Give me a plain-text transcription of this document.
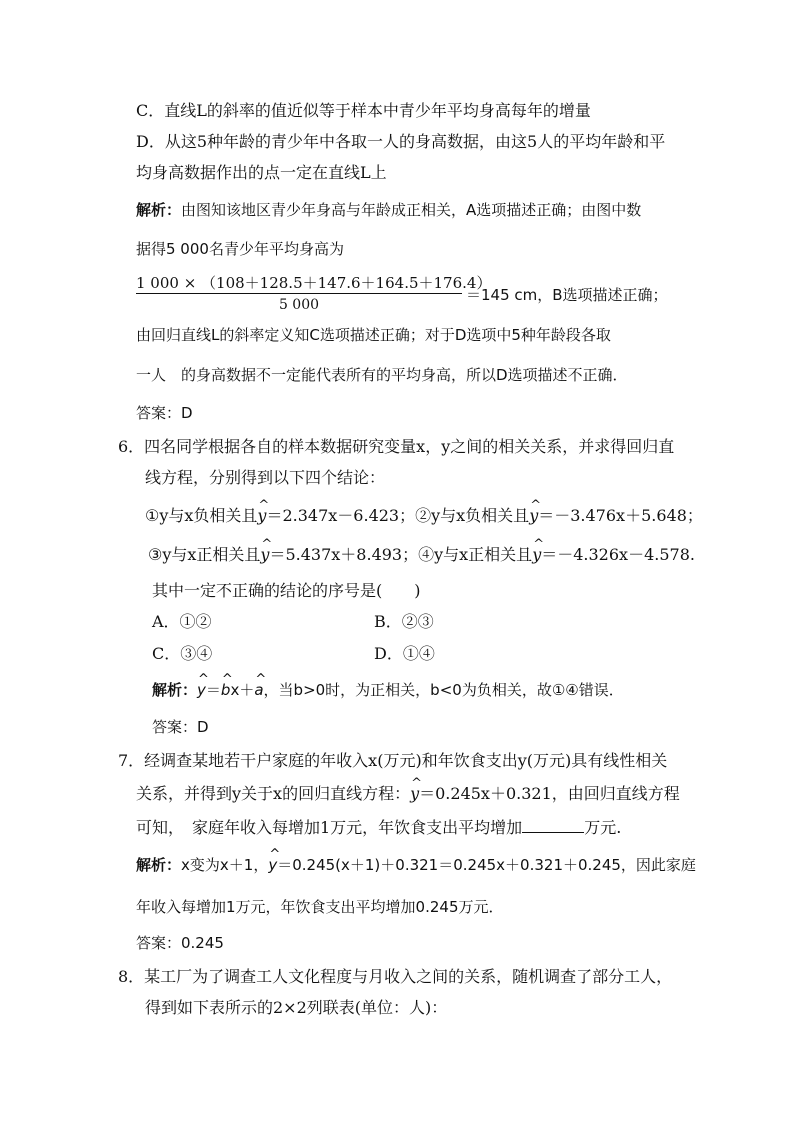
C．直线L的斜率的值近似等于样本中青少年平均身高每年的增量
D．从这5种年龄的青少年中各取一人的身高数据，由这5人的平均年龄和平
均身高数据作出的点一定在直线L上
解析：由图知该地区青少年身高与年龄成正相关，A选项描述正确；由图中数
据得5 000名青少年平均身高为
1 000 × （108＋128.5＋147.6＋164.5＋176.4）
5 000
＝145 cm，B选项描述正确；
由回归直线L的斜率定义知C选项描述正确；对于D选项中5种年龄段各取
一人　的身高数据不一定能代表所有的平均身高，所以D选项描述不正确．
答案：D
6．四名同学根据各自的样本数据研究变量x，y之间的相关关系，并求得回归直
线方程，分别得到以下四个结论：
①y与x负相关且^ y＝2.347x－6.423；②y与x负相关且^ y＝－3.476x＋5.648；
③y与x正相关且^ y＝5.437x＋8.493；④y与x正相关且^ y＝－4.326x－4.578.
其中一定不正确的结论的序号是(　　)
A．①②	B．②③
C．③④	D．①④
解析：^ y＝^ bx＋^ a，当b>0时，为正相关，b<0为负相关，故①④错误．
答案：D
7．经调查某地若干户家庭的年收入x(万元)和年饮食支出y(万元)具有线性相关
关系，并得到y关于x的回归直线方程：^ y＝0.245x＋0.321，由回归直线方程
可知，　家庭年收入每增加1万元，年饮食支出平均增加	万元.
解析：x变为x＋1，^ y＝0.245(x＋1)＋0.321＝0.245x＋0.321＋0.245，因此家庭
年收入每增加1万元，年饮食支出平均增加0.245万元．
答案：0.245
8．某工厂为了调查工人文化程度与月收入之间的关系，随机调查了部分工人，
得到如下表所示的2×2列联表(单位：人)：
